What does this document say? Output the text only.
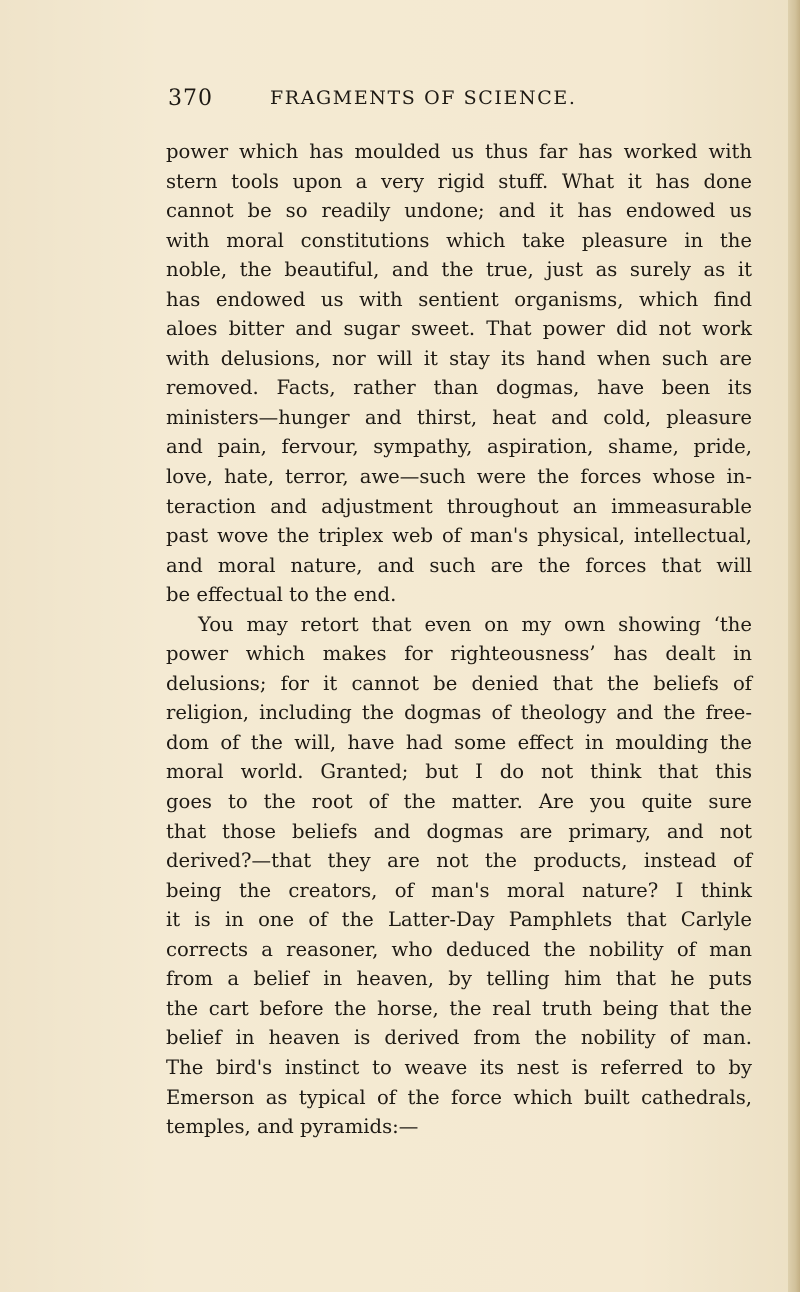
370	FRAGMENTS OF SCIENCE.
power which has moulded us thus far has worked with
stern tools upon a very rigid stuff. What it has done
cannot be so readily undone; and it has endowed us
with moral constitutions which take pleasure in the
noble, the beautiful, and the true, just as surely as it
has endowed us with sentient organisms, which find
aloes bitter and sugar sweet. That power did not work
with delusions, nor will it stay its hand when such are
removed. Facts, rather than dogmas, have been its
ministers—hunger and thirst, heat and cold, pleasure
and pain, fervour, sympathy, aspiration, shame, pride,
love, hate, terror, awe—such were the forces whose in-
teraction and adjustment throughout an immeasurable
past wove the triplex web of man's physical, intellectual,
and moral nature, and such are the forces that will
be effectual to the end.
You may retort that even on my own showing ‘the
power which makes for righteousness’ has dealt in
delusions; for it cannot be denied that the beliefs of
religion, including the dogmas of theology and the free-
dom of the will, have had some effect in moulding the
moral world. Granted; but I do not think that this
goes to the root of the matter. Are you quite sure
that those beliefs and dogmas are primary, and not
derived?—that they are not the products, instead of
being the creators, of man's moral nature? I think
it is in one of the Latter-Day Pamphlets that Carlyle
corrects a reasoner, who deduced the nobility of man
from a belief in heaven, by telling him that he puts
the cart before the horse, the real truth being that the
belief in heaven is derived from the nobility of man.
The bird's instinct to weave its nest is referred to by
Emerson as typical of the force which built cathedrals,
temples, and pyramids:—
